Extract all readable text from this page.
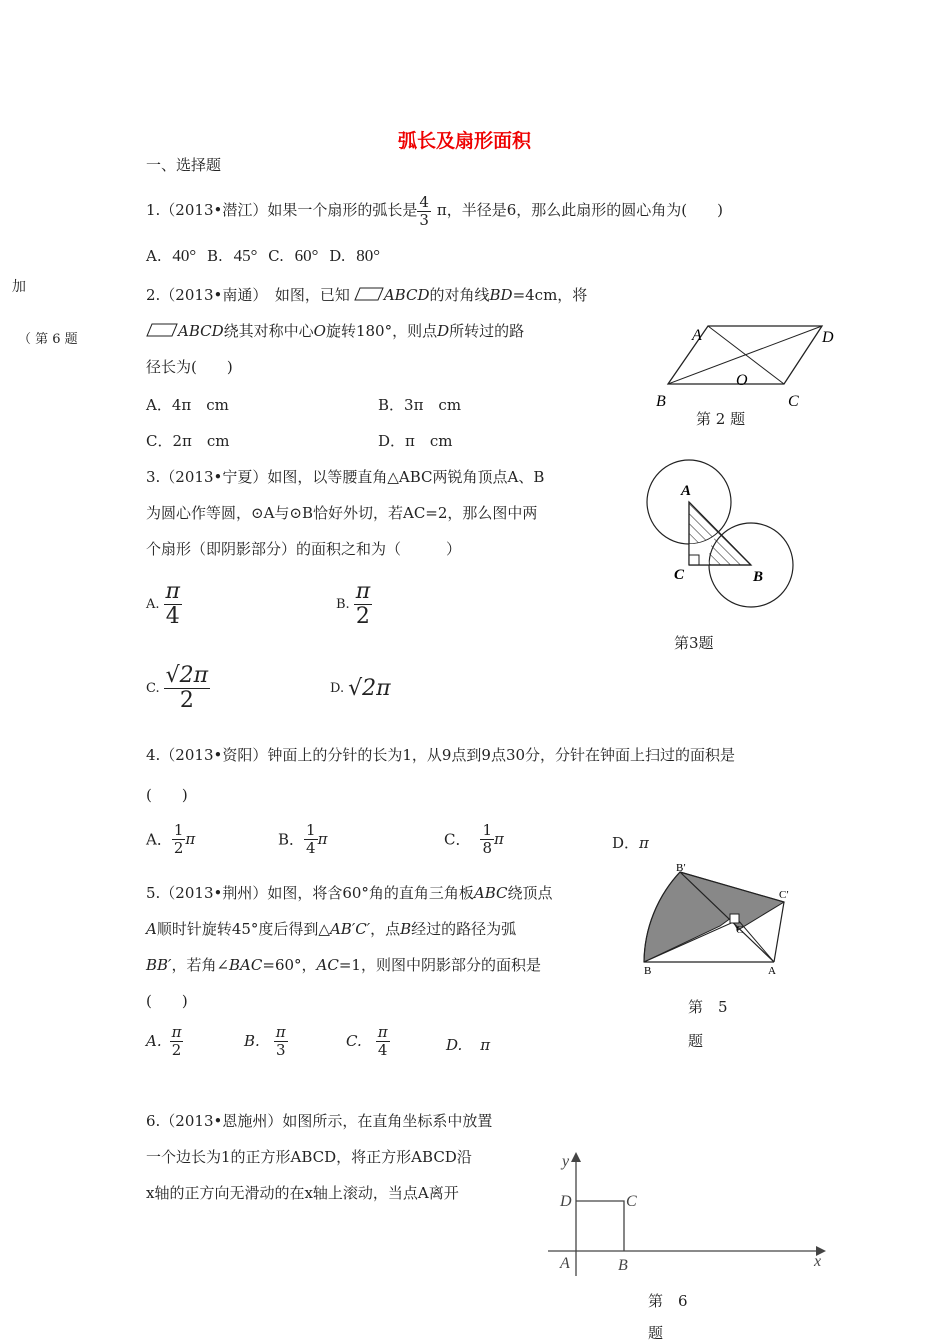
弧长及扇形面积
一、选择题
加
（ 第 6 题
1.（2013•潜江）如果一个扇形的弧长是 $\frac{4}{3}$ π，半径是6，那么此扇形的圆心角为(　　)
A. 40° B. 45° C. 60° D. 80°
2.（2013•南通）　如图，已知 ABCD的对角线BD=4cm，将
ABCD绕其对称中心O旋转180°，则点D所转过的路
径长为(　　)
A．4π　cm	B．3π　cm
C．2π　cm	D．π　cm
A	D
O
B	C
第 2 题
3.（2013•宁夏）如图，以等腰直角△ABC两锐角顶点A、B
为圆心作等圆，⊙A与⊙B恰好外切，若AC=2，那么图中两
个扇形（即阴影部分）的面积之和为（　　　）
A. $\frac{\pi}{4}$	B. $\frac{\pi}{2}$
C. $\frac{√2\pi}{2}$	D. √2π
A
C	B
第3题
4.（2013•资阳）钟面上的分针的长为1，从9点到9点30分，分针在钟面上扫过的面积是
(　　)
A． $\frac{1}{2}$ π	B． $\frac{1}{4}$ π	C． $\frac{1}{8}$ π	D．π
5.（2013•荆州）如图，将含60°角的直角三角板ABC绕顶点
A顺时针旋转45°度后得到△AB′C′，点B经过的路径为弧
BB′，若角∠BAC=60°，AC=1，则图中阴影部分的面积是
(　　)
A. $\frac{\pi}{2}$	B. $\frac{\pi}{3}$	C. $\frac{\pi}{4}$	D. π
B′
C′
C
B	A
第　5
题
6.（2013•恩施州）如图所示，在直角坐标系中放置
一个边长为1的正方形ABCD，将正方形ABCD沿
x轴的正方向无滑动的在x轴上滚动，当点A离开
y
D	C
A	B	x
第　6
题
